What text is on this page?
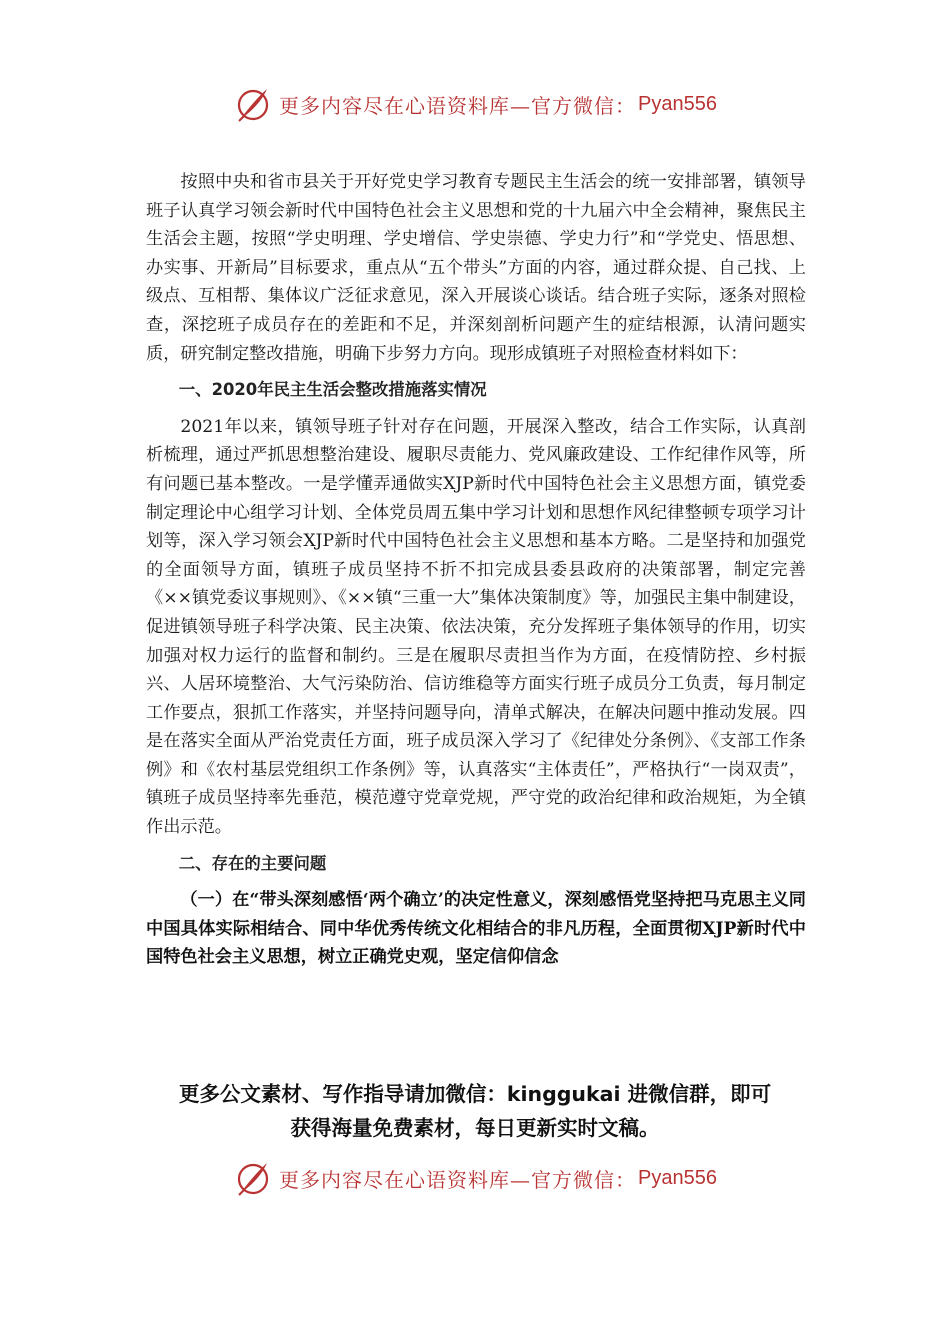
更多内容尽在心语资料库—官方微信： Pyan556

按照中央和省市县关于开好党史学习教育专题民主生活会的统一安排部署，镇领导班子认真学习领会新时代中国特色社会主义思想和党的十九届六中全会精神，聚焦民主生活会主题，按照“学史明理、学史增信、学史崇德、学史力行”和“学党史、悟思想、办实事、开新局”目标要求，重点从“五个带头”方面的内容，通过群众提、自己找、上级点、互相帮、集体议广泛征求意见，深入开展谈心谈话。结合班子实际，逐条对照检查，深挖班子成员存在的差距和不足，并深刻剖析问题产生的症结根源，认清问题实质，研究制定整改措施，明确下步努力方向。现形成镇班子对照检查材料如下：

一、2020年民主生活会整改措施落实情况

2021年以来，镇领导班子针对存在问题，开展深入整改，结合工作实际，认真剖析梳理，通过严抓思想整治建设、履职尽责能力、党风廉政建设、工作纪律作风等，所有问题已基本整改。一是学懂弄通做实XJP新时代中国特色社会主义思想方面，镇党委制定理论中心组学习计划、全体党员周五集中学习计划和思想作风纪律整顿专项学习计划等，深入学习领会XJP新时代中国特色社会主义思想和基本方略。二是坚持和加强党的全面领导方面，镇班子成员坚持不折不扣完成县委县政府的决策部署，制定完善《××镇党委议事规则》、《××镇“三重一大”集体决策制度》等，加强民主集中制建设，促进镇领导班子科学决策、民主决策、依法决策，充分发挥班子集体领导的作用，切实加强对权力运行的监督和制约。三是在履职尽责担当作为方面，在疫情防控、乡村振兴、人居环境整治、大气污染防治、信访维稳等方面实行班子成员分工负责，每月制定工作要点，狠抓工作落实，并坚持问题导向，清单式解决，在解决问题中推动发展。四是在落实全面从严治党责任方面，班子成员深入学习了《纪律处分条例》、《支部工作条例》和《农村基层党组织工作条例》等，认真落实“主体责任”，严格执行“一岗双责”，镇班子成员坚持率先垂范，模范遵守党章党规，严守党的政治纪律和政治规矩，为全镇作出示范。

二、存在的主要问题

（一）在“带头深刻感悟‘两个确立’的决定性意义，深刻感悟党坚持把马克思主义同中国具体实际相结合、同中华优秀传统文化相结合的非凡历程，全面贯彻XJP新时代中国特色社会主义思想，树立正确党史观，坚定信仰信念

更多公文素材、写作指导请加微信：kinggukai 进微信群，即可
获得海量免费素材，每日更新实时文稿。
更多内容尽在心语资料库—官方微信： Pyan556
